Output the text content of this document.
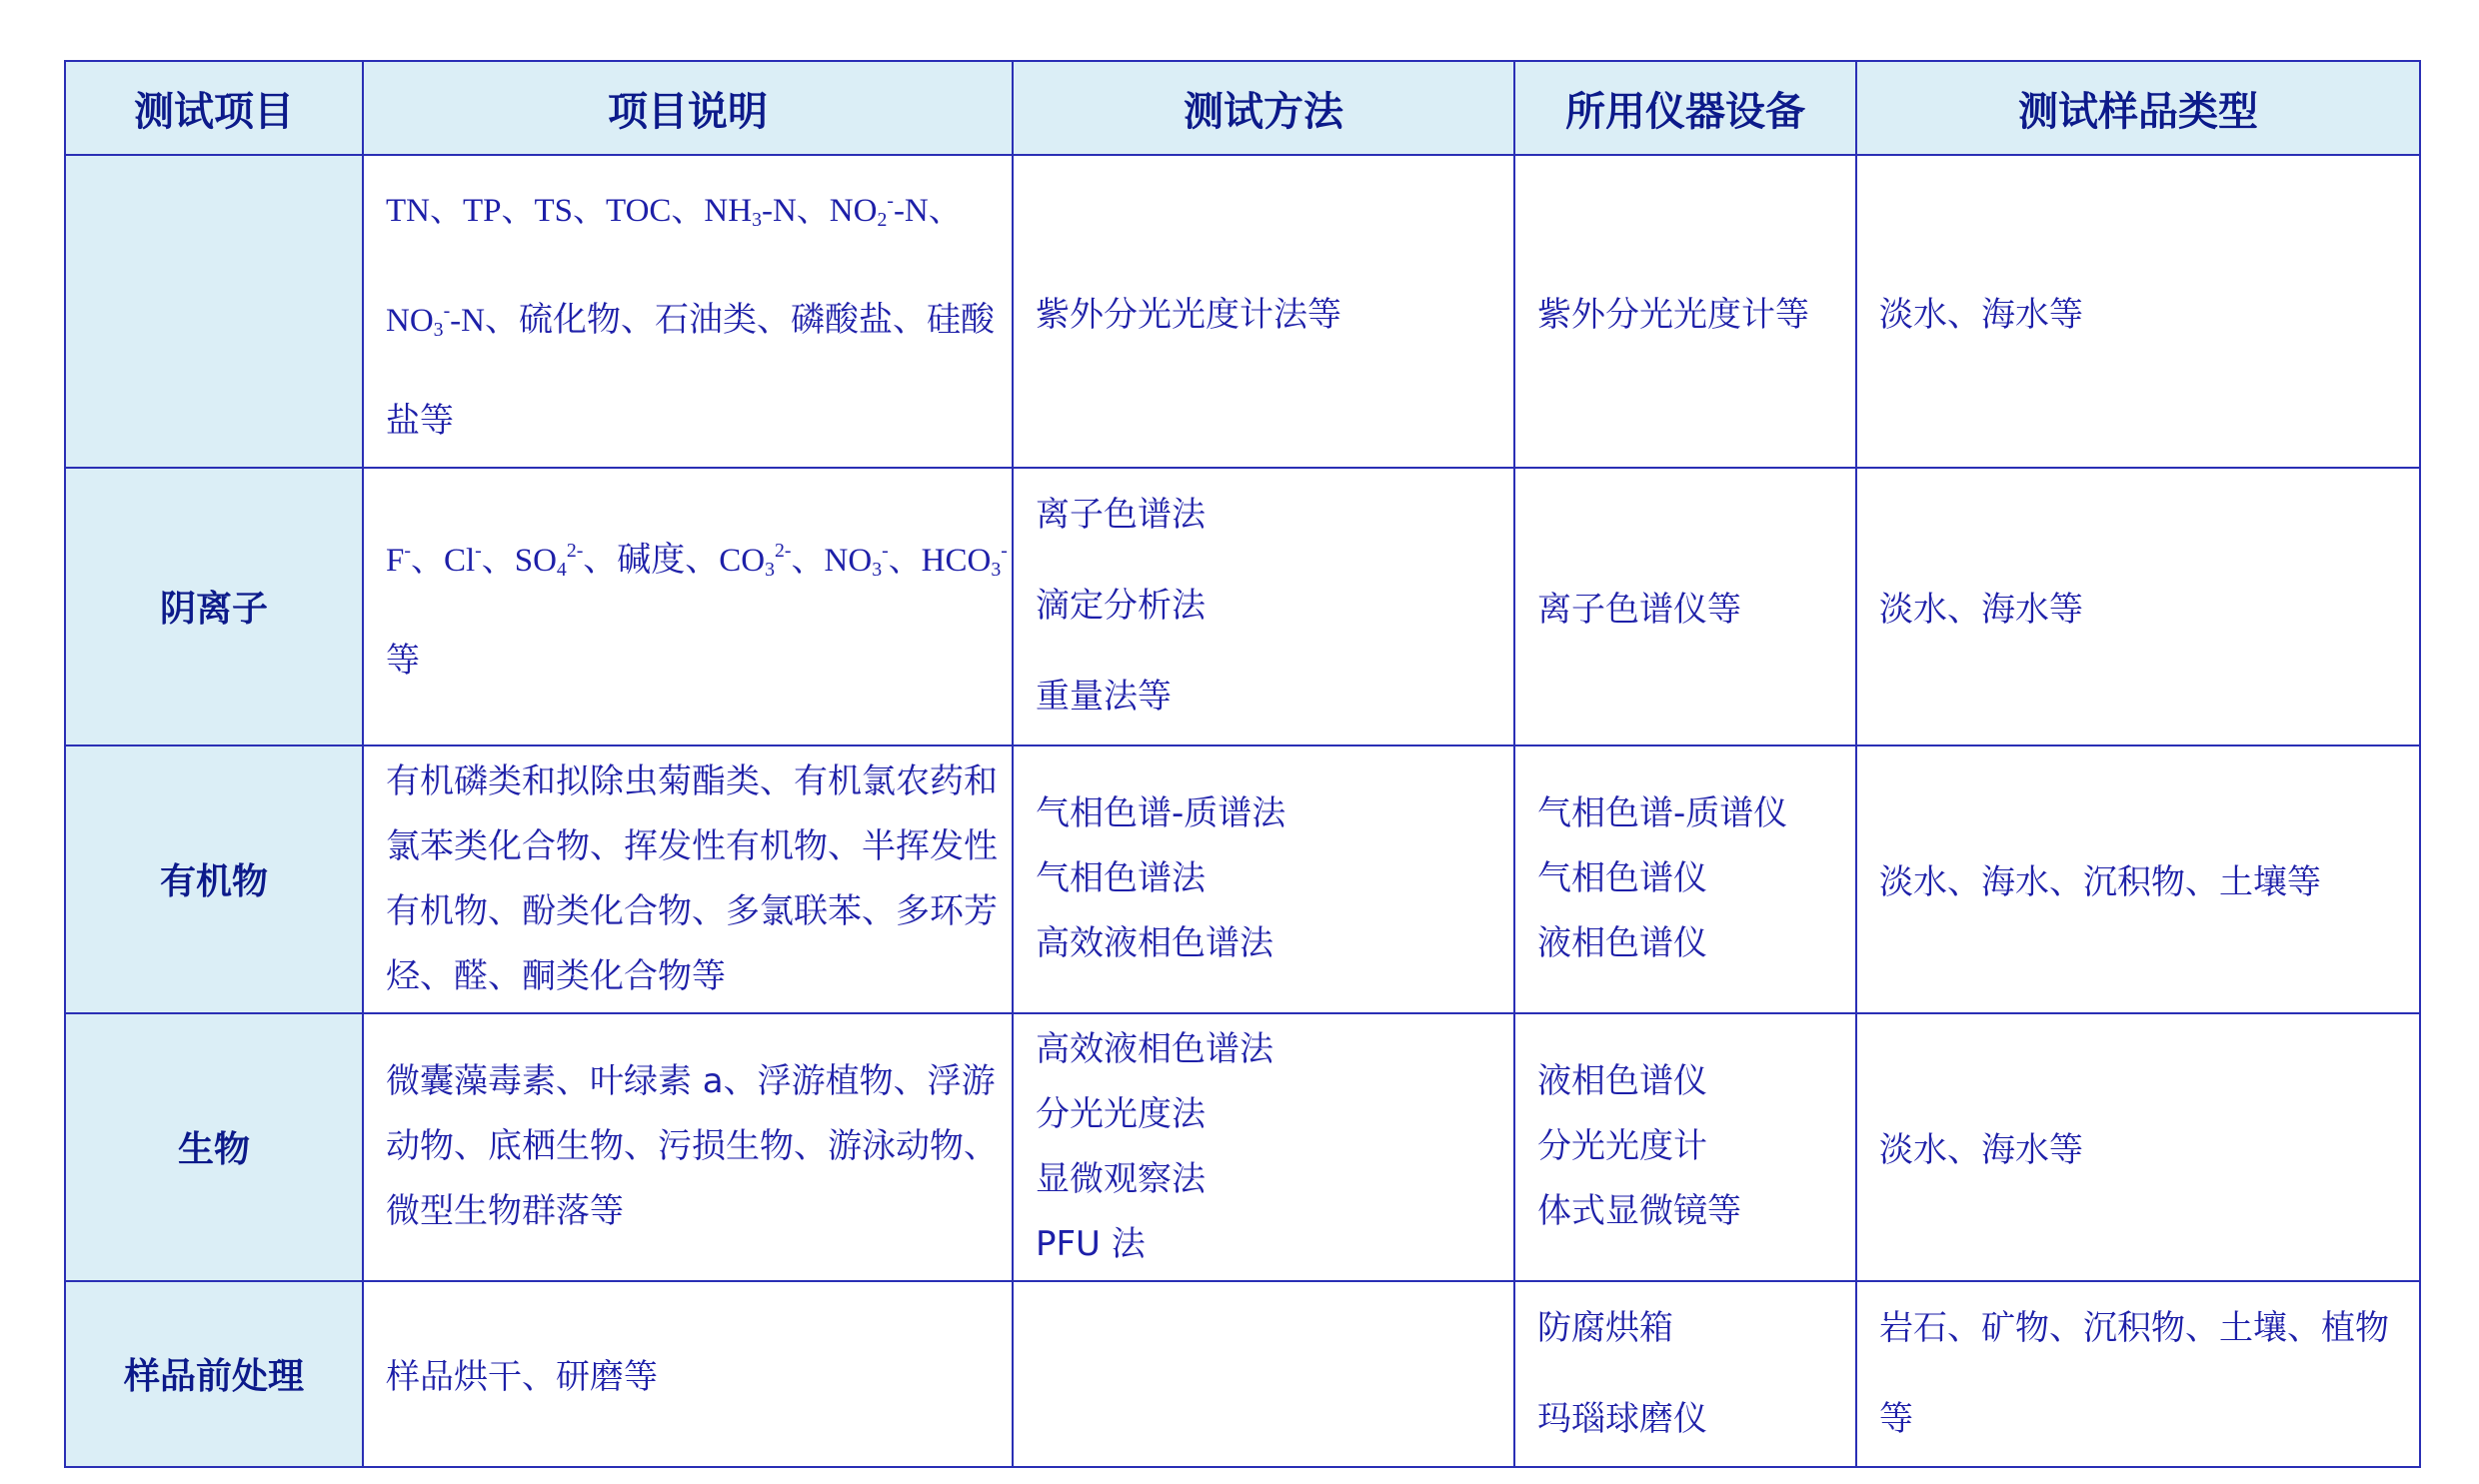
测试项目	项目说明	测试方法	所用仪器设备	测试样品类型

	TN、TP、TS、TOC、$NH_3-N$、$NO_2^--N$、
$NO_3^--N$、硫化物、石油类、磷酸盐、硅酸
盐等	紫外分光光度计法等	紫外分光光度计等	淡水、海水等

阴离子	F-、Cl-、$SO_4^{2-}$、碱度、$CO_3^{2-}$、$NO_3^-$、$HCO_3^-$
等	离子色谱法
滴定分析法
重量法等	离子色谱仪等	淡水、海水等

有机物	有机磷类和拟除虫菊酯类、有机氯农药和
氯苯类化合物、挥发性有机物、半挥发性
有机物、酚类化合物、多氯联苯、多环芳
烃、醛、酮类化合物等	气相色谱-质谱法
气相色谱法
高效液相色谱法	气相色谱-质谱仪
气相色谱仪
液相色谱仪	淡水、海水、沉积物、土壤等

生物	微囊藻毒素、叶绿素 a、浮游植物、浮游
动物、底栖生物、污损生物、游泳动物、
微型生物群落等	高效液相色谱法
分光光度法
显微观察法
PFU 法	液相色谱仪
分光光度计
体式显微镜等	淡水、海水等

样品前处理	样品烘干、研磨等		防腐烘箱
玛瑙球磨仪	岩石、矿物、沉积物、土壤、植物
等
